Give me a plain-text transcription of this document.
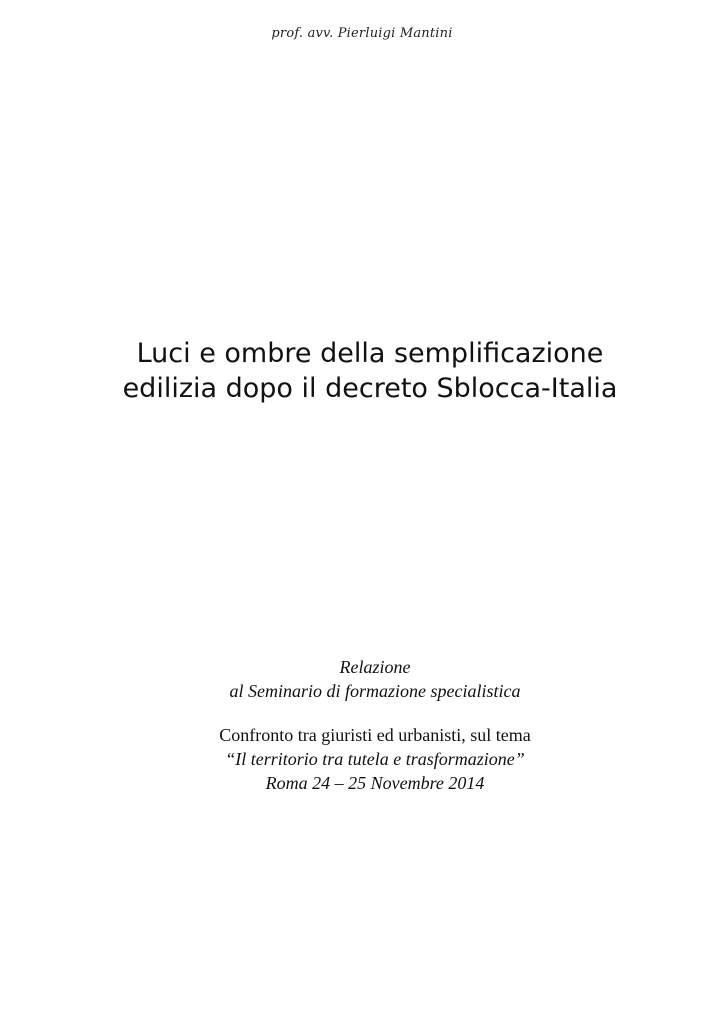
prof. avv. Pierluigi Mantini
Luci e ombre della semplificazione
edilizia dopo il decreto Sblocca-Italia
Relazione
al Seminario di formazione specialistica
Confronto tra giuristi ed urbanisti, sul tema
“Il territorio tra tutela e trasformazione”
Roma 24 – 25 Novembre 2014
